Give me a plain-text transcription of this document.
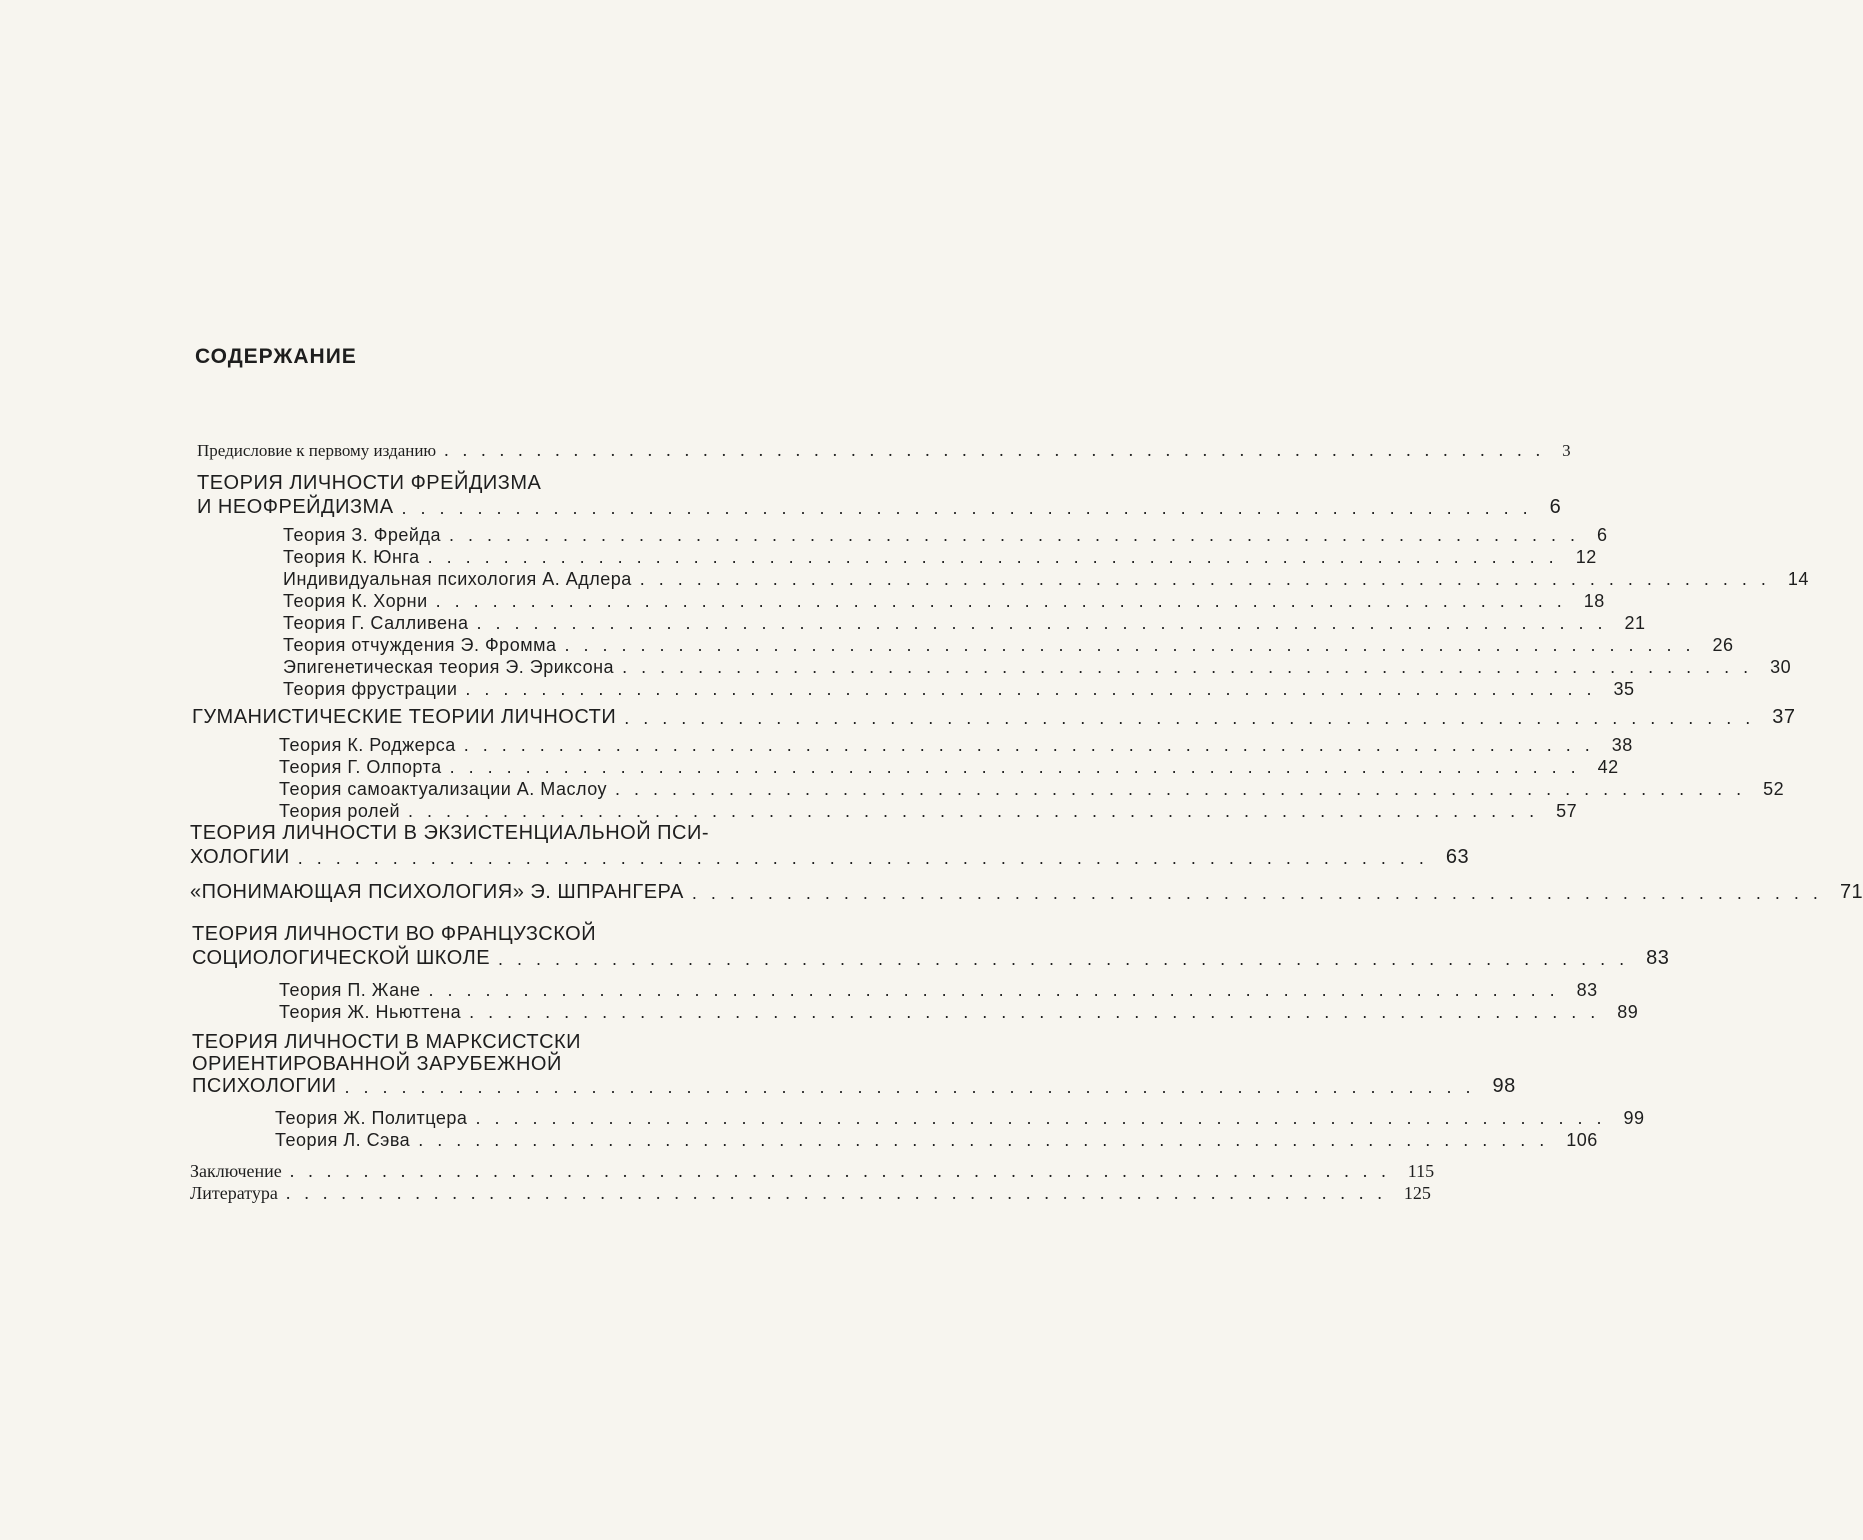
СОДЕРЖАНИЕ
Предисловие к первому изданию ............................................................ 3
ТЕОРИЯ ЛИЧНОСТИ ФРЕЙДИЗМА
И НЕОФРЕЙДИЗМА ............................................................ 6
Теория З. Фрейда ............................................................ 6
Теория К. Юнга ............................................................ 12
Индивидуальная психология А. Адлера ............................................................ 14
Теория К. Хорни ............................................................ 18
Теория Г. Салливена ............................................................ 21
Теория отчуждения Э. Фромма ............................................................ 26
Эпигенетическая теория Э. Эриксона ............................................................ 30
Теория фрустрации ............................................................ 35
ГУМАНИСТИЧЕСКИЕ ТЕОРИИ ЛИЧНОСТИ ............................................................ 37
Теория К. Роджерса ............................................................ 38
Теория Г. Олпорта ............................................................ 42
Теория самоактуализации А. Маслоу ............................................................ 52
Теория ролей ............................................................ 57
ТЕОРИЯ ЛИЧНОСТИ В ЭКЗИСТЕНЦИАЛЬНОЙ ПСИ-
ХОЛОГИИ ............................................................ 63
«ПОНИМАЮЩАЯ ПСИХОЛОГИЯ» Э. ШПРАНГЕРА ............................................................ 71
ТЕОРИЯ ЛИЧНОСТИ ВО ФРАНЦУЗСКОЙ
СОЦИОЛОГИЧЕСКОЙ ШКОЛЕ ............................................................ 83
Теория П. Жане ............................................................ 83
Теория Ж. Ньюттена ............................................................ 89
ТЕОРИЯ ЛИЧНОСТИ В МАРКСИСТСКИ
ОРИЕНТИРОВАННОЙ ЗАРУБЕЖНОЙ
ПСИХОЛОГИИ ............................................................ 98
Теория Ж. Политцера ............................................................ 99
Теория Л. Сэва ............................................................ 106
Заключение ............................................................ 115
Литература ............................................................ 125
